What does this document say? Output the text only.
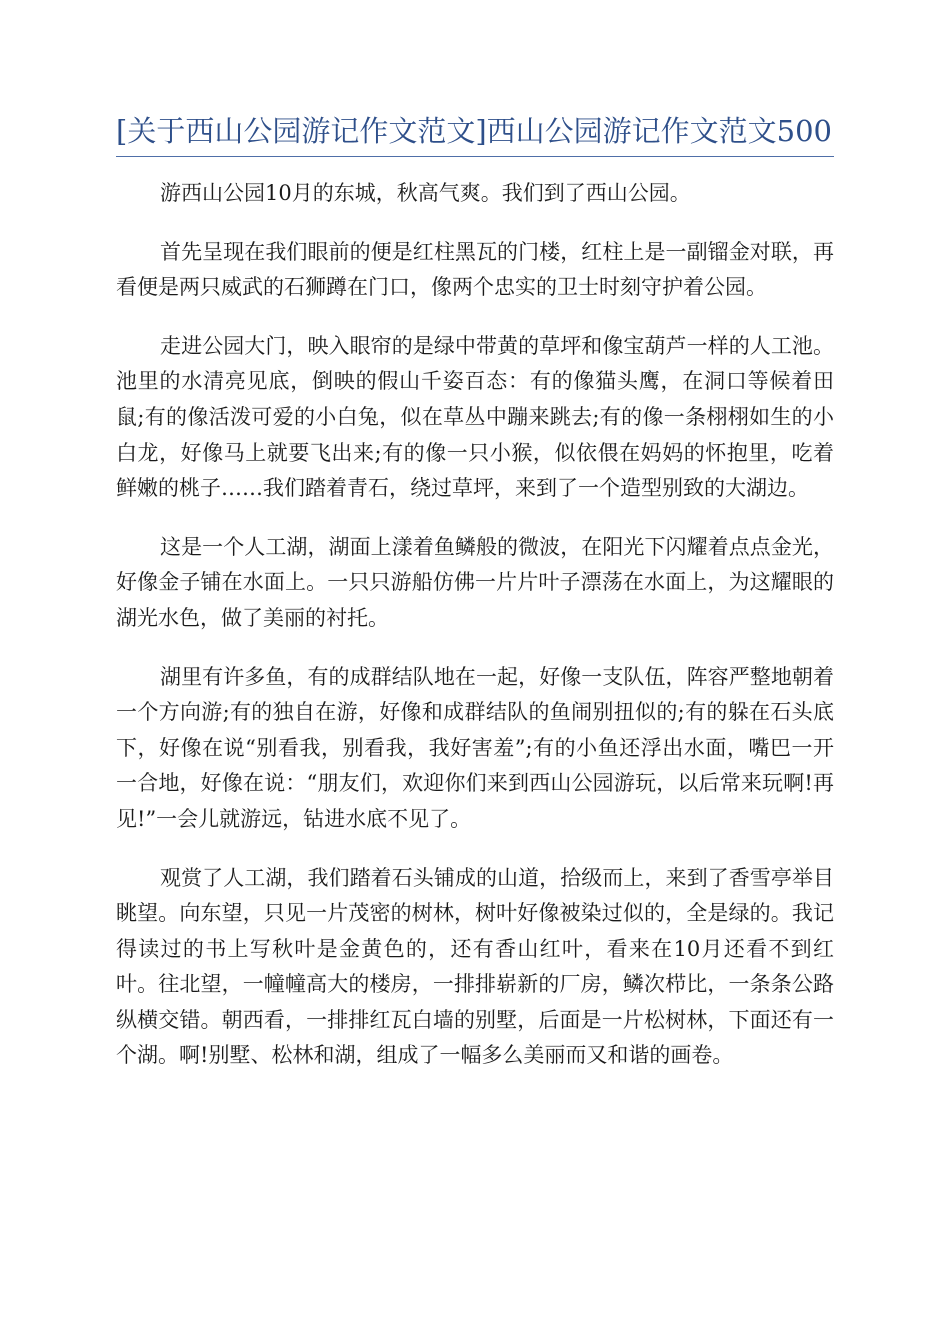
[关于西山公园游记作文范文]西山公园游记作文范文500

游西山公园10月的东城，秋高气爽。我们到了西山公园。

首先呈现在我们眼前的便是红柱黑瓦的门楼，红柱上是一副镏金对联，再看便是两只威武的石狮蹲在门口，像两个忠实的卫士时刻守护着公园。

走进公园大门，映入眼帘的是绿中带黄的草坪和像宝葫芦一样的人工池。池里的水清亮见底，倒映的假山千姿百态：有的像猫头鹰，在洞口等候着田鼠;有的像活泼可爱的小白兔，似在草丛中蹦来跳去;有的像一条栩栩如生的小白龙，好像马上就要飞出来;有的像一只小猴，似依偎在妈妈的怀抱里，吃着鲜嫩的桃子……我们踏着青石，绕过草坪，来到了一个造型别致的大湖边。

这是一个人工湖，湖面上漾着鱼鳞般的微波，在阳光下闪耀着点点金光，好像金子铺在水面上。一只只游船仿佛一片片叶子漂荡在水面上，为这耀眼的湖光水色，做了美丽的衬托。

湖里有许多鱼，有的成群结队地在一起，好像一支队伍，阵容严整地朝着一个方向游;有的独自在游，好像和成群结队的鱼闹别扭似的;有的躲在石头底下，好像在说“别看我，别看我，我好害羞”;有的小鱼还浮出水面，嘴巴一开一合地，好像在说：“朋友们，欢迎你们来到西山公园游玩，以后常来玩啊!再见!”一会儿就游远，钻进水底不见了。

观赏了人工湖，我们踏着石头铺成的山道，拾级而上，来到了香雪亭举目眺望。向东望，只见一片茂密的树林，树叶好像被染过似的，全是绿的。我记得读过的书上写秋叶是金黄色的，还有香山红叶，看来在10月还看不到红叶。往北望，一幢幢高大的楼房，一排排崭新的厂房，鳞次栉比，一条条公路纵横交错。朝西看，一排排红瓦白墙的别墅，后面是一片松树林，下面还有一个湖。啊!别墅、松林和湖，组成了一幅多么美丽而又和谐的画卷。
